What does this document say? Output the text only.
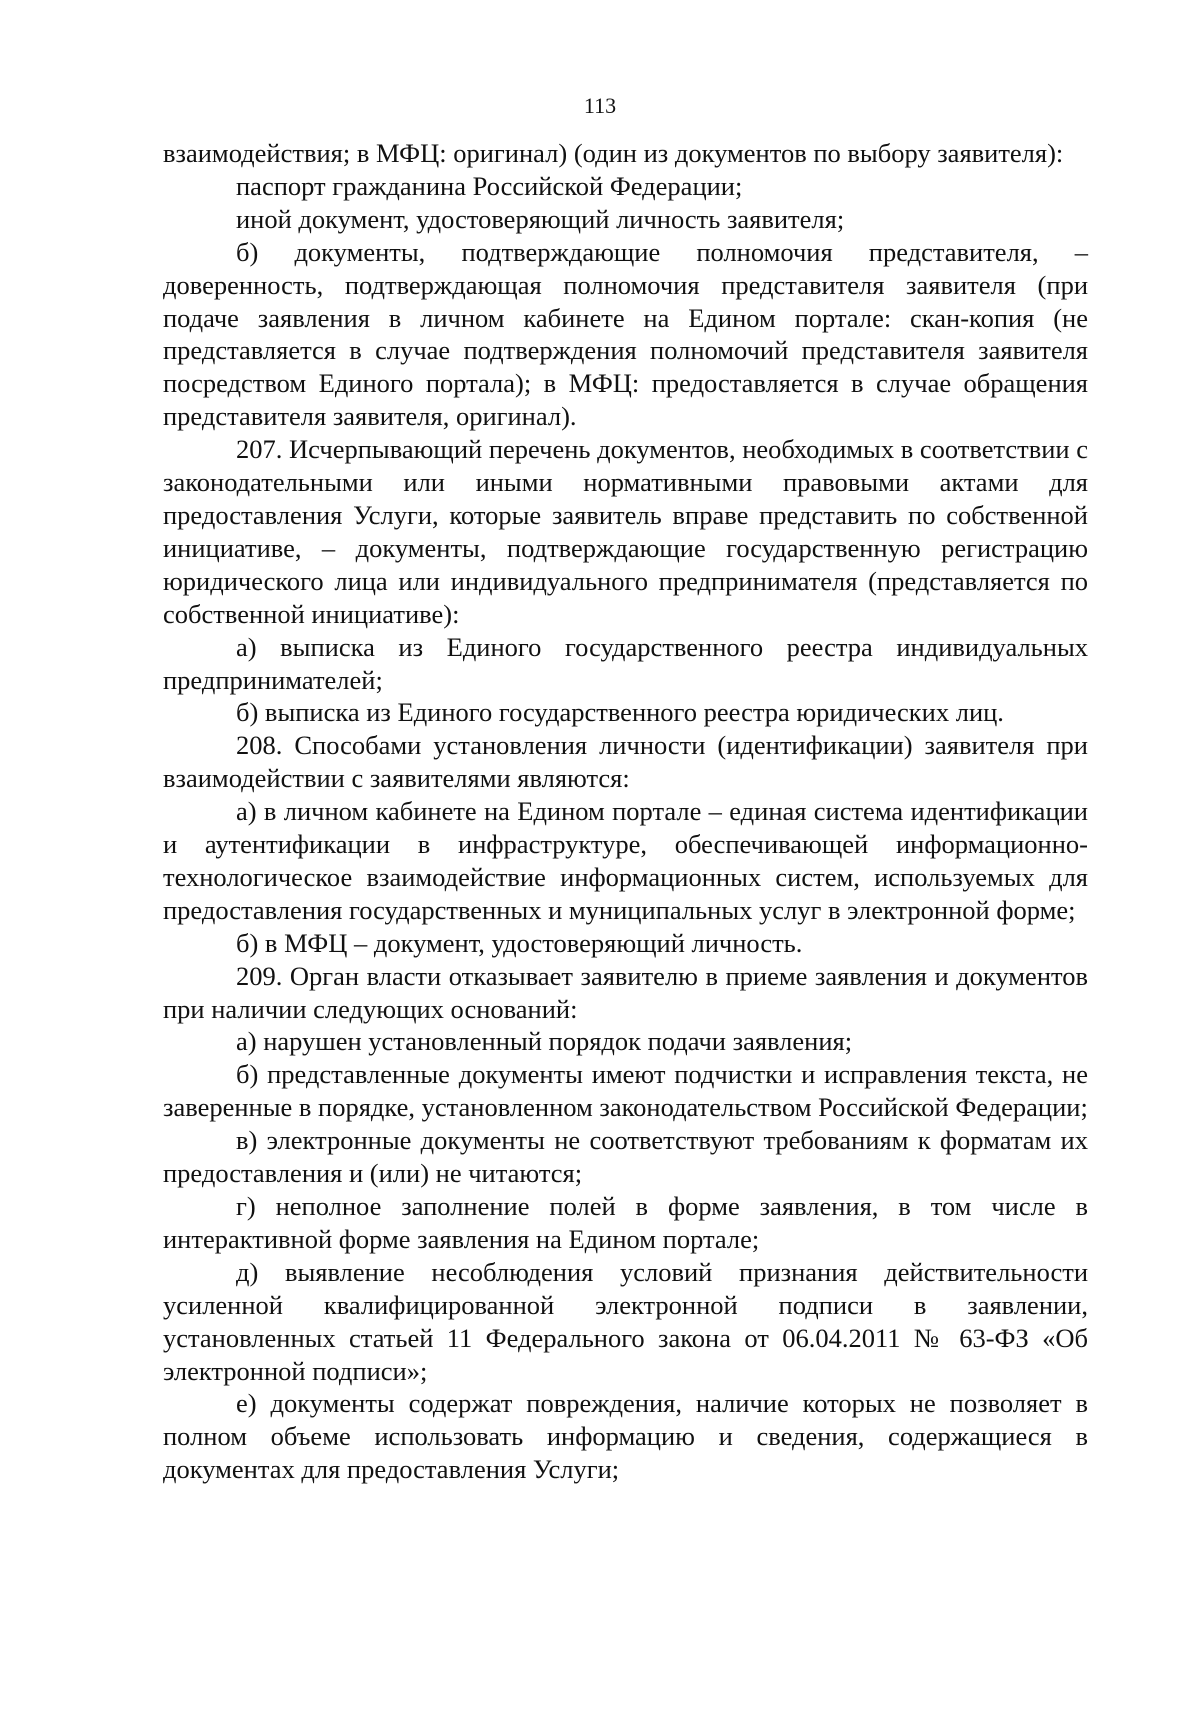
113

взаимодействия; в МФЦ: оригинал) (один из документов по выбору заявителя):

паспорт гражданина Российской Федерации;

иной документ, удостоверяющий личность заявителя;

б) документы, подтверждающие полномочия представителя, – доверенность, подтверждающая полномочия представителя заявителя (при подаче заявления в личном кабинете на Едином портале: скан-копия (не представляется в случае подтверждения полномочий представителя заявителя посредством Единого портала); в МФЦ: предоставляется в случае обращения представителя заявителя, оригинал).

207. Исчерпывающий перечень документов, необходимых в соответствии с законодательными или иными нормативными правовыми актами для предоставления Услуги, которые заявитель вправе представить по собственной инициативе, – документы, подтверждающие государственную регистрацию юридического лица или индивидуального предпринимателя (представляется по собственной инициативе):

а) выписка из Единого государственного реестра индивидуальных предпринимателей;

б) выписка из Единого государственного реестра юридических лиц.

208. Способами установления личности (идентификации) заявителя при взаимодействии с заявителями являются:

а) в личном кабинете на Едином портале – единая система идентификации и аутентификации в инфраструктуре, обеспечивающей информационно-технологическое взаимодействие информационных систем, используемых для предоставления государственных и муниципальных услуг в электронной форме;

б) в МФЦ – документ, удостоверяющий личность.

209. Орган власти отказывает заявителю в приеме заявления и документов при наличии следующих оснований:

а) нарушен установленный порядок подачи заявления;

б) представленные документы имеют подчистки и исправления текста, не заверенные в порядке, установленном законодательством Российской Федерации;

в) электронные документы не соответствуют требованиям к форматам их предоставления и (или) не читаются;

г) неполное заполнение полей в форме заявления, в том числе в интерактивной форме заявления на Едином портале;

д) выявление несоблюдения условий признания действительности усиленной квалифицированной электронной подписи в заявлении, установленных статьей 11 Федерального закона от 06.04.2011 № 63-ФЗ «Об электронной подписи»;

е) документы содержат повреждения, наличие которых не позволяет в полном объеме использовать информацию и сведения, содержащиеся в документах для предоставления Услуги;
